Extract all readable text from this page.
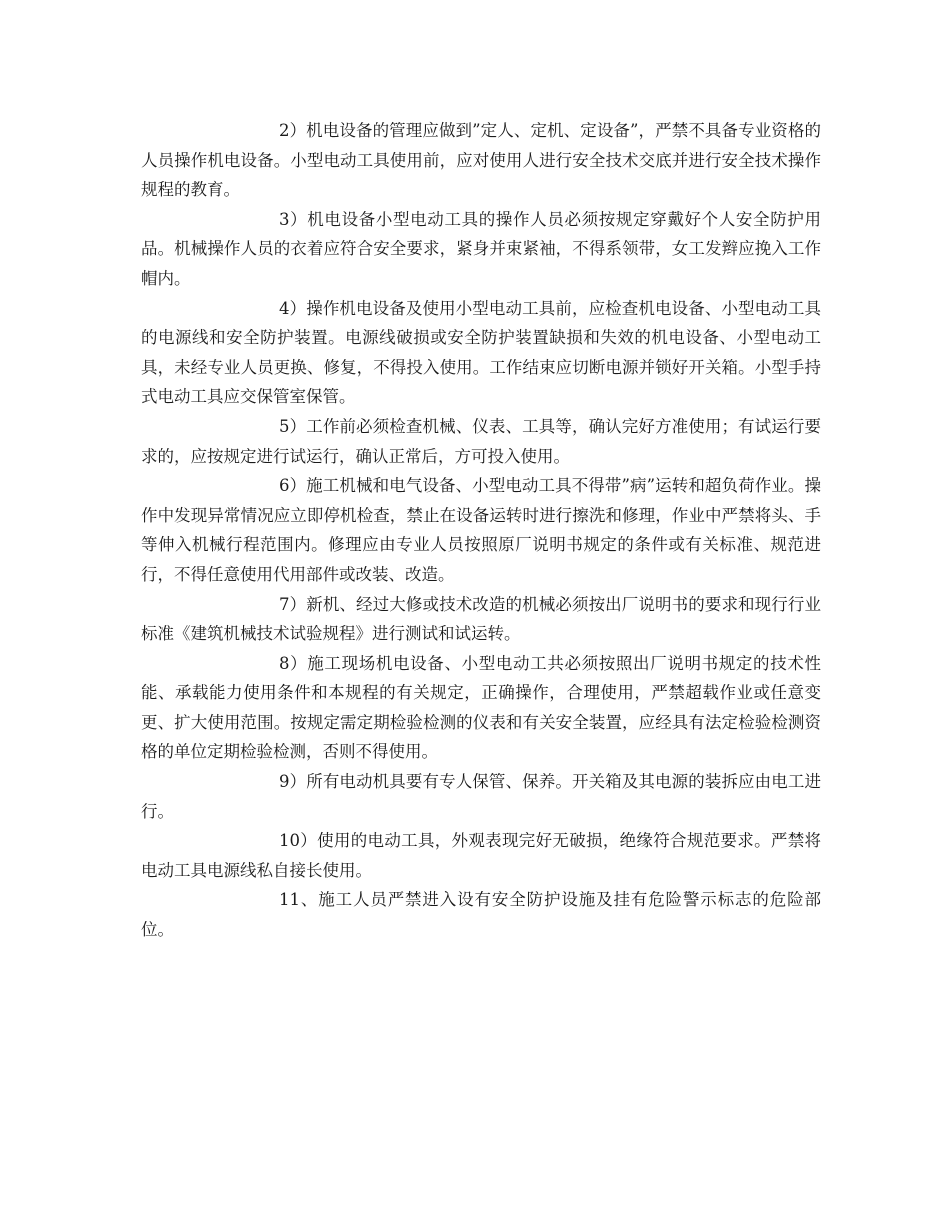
2）机电设备的管理应做到”定人、定机、定设备”，严禁不具备专业资格的人员操作机电设备。小型电动工具使用前，应对使用人进行安全技术交底并进行安全技术操作规程的教育。

3）机电设备小型电动工具的操作人员必须按规定穿戴好个人安全防护用品。机械操作人员的衣着应符合安全要求，紧身并束紧袖，不得系领带，女工发辫应挽入工作帽内。

4）操作机电设备及使用小型电动工具前，应检查机电设备、小型电动工具的电源线和安全防护装置。电源线破损或安全防护装置缺损和失效的机电设备、小型电动工具，未经专业人员更换、修复，不得投入使用。工作结束应切断电源并锁好开关箱。小型手持式电动工具应交保管室保管。

5）工作前必须检查机械、仪表、工具等，确认完好方准使用；有试运行要求的，应按规定进行试运行，确认正常后，方可投入使用。

6）施工机械和电气设备、小型电动工具不得带”病”运转和超负荷作业。操作中发现异常情况应立即停机检查，禁止在设备运转时进行擦洗和修理，作业中严禁将头、手等伸入机械行程范围内。修理应由专业人员按照原厂说明书规定的条件或有关标准、规范进行，不得任意使用代用部件或改装、改造。

7）新机、经过大修或技术改造的机械必须按出厂说明书的要求和现行行业标准《建筑机械技术试验规程》进行测试和试运转。

8）施工现场机电设备、小型电动工共必须按照出厂说明书规定的技术性能、承载能力使用条件和本规程的有关规定，正确操作，合理使用，严禁超载作业或任意变更、扩大使用范围。按规定需定期检验检测的仪表和有关安全装置，应经具有法定检验检测资格的单位定期检验检测，否则不得使用。

9）所有电动机具要有专人保管、保养。开关箱及其电源的装拆应由电工进行。

10）使用的电动工具，外观表现完好无破损，绝缘符合规范要求。严禁将电动工具电源线私自接长使用。

11、施工人员严禁进入设有安全防护设施及挂有危险警示标志的危险部位。
